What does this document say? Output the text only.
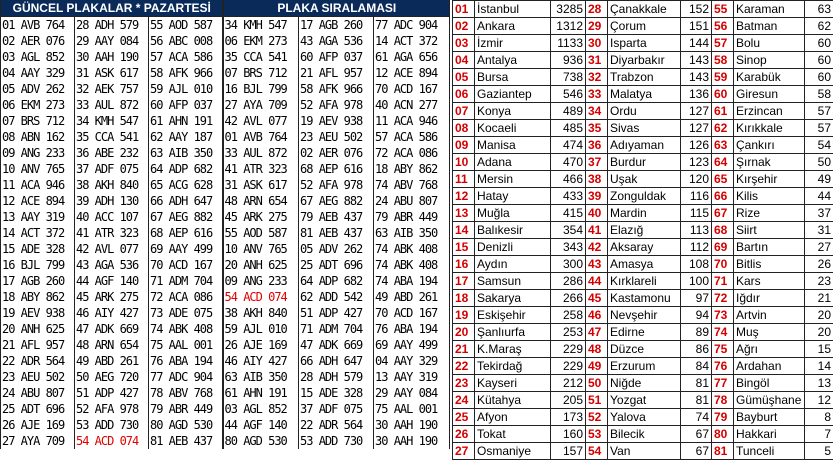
GÜNCEL PLAKALAR * PAZARTESİ			PLAKA SIRALAMASI		
01 AVB 764	28 ADH 579	55 AOD 587	34 KMH 547	17 AGB 260	77 ADC 904
02 AER 076	29 AAY 084	56 ABC 008	06 EKM 273	43 AGA 536	14 ACT 372
03 AGL 852	30 AAH 190	57 ACA 586	35 CCA 541	60 AFP 037	61 AGA 656
04 AAY 329	31 ASK 617	58 AFK 966	07 BRS 712	21 AFL 957	12 ACE 894
05 ADV 262	32 AEK 757	59 AJL 010	16 BJL 799	58 AFK 966	70 ACD 167
06 EKM 273	33 AUL 872	60 AFP 037	27 AYA 709	52 AFA 978	40 ACN 277
07 BRS 712	34 KMH 547	61 AHN 191	42 AVL 077	19 AEV 938	11 ACA 946
08 ABN 162	35 CCA 541	62 AAY 187	01 AVB 764	23 AEU 502	57 ACA 586
09 ANG 233	36 ABE 232	63 AIB 350	33 AUL 872	02 AER 076	72 ACA 086
10 ANV 765	37 ADF 075	64 ADP 682	41 ATR 323	68 AEP 616	18 ABY 862
11 ACA 946	38 AKH 840	65 ACG 628	31 ASK 617	52 AFA 978	74 ABV 768
12 ACE 894	39 ADH 130	66 ADH 647	48 ARN 654	67 AEG 882	24 ABU 807
13 AAY 319	40 ACC 107	67 AEG 882	45 ARK 275	79 AEB 437	79 ABR 449
14 ACT 372	41 ATR 323	68 AEP 616	55 AOD 587	81 AEB 437	63 AIB 350
15 ADE 328	42 AVL 077	69 AAY 499	10 ANV 765	05 ADV 262	74 ABK 408
16 BJL 799	43 AGA 536	70 ACD 167	20 ANH 625	25 ADT 696	74 ABK 408
17 AGB 260	44 AGF 140	71 ADM 704	09 ANG 233	64 ADP 682	74 ABA 194
18 ABY 862	45 ARK 275	72 ACA 086	54 ACD 074	62 ADD 542	49 ABD 261
19 AEV 938	46 AIY 427	73 ADE 075	38 AKH 840	51 ADP 427	70 ACD 167
20 ANH 625	47 ADK 669	74 ABK 408	59 AJL 010	71 ADM 704	76 ABA 194
21 AFL 957	48 ARN 654	75 AAL 001	26 AJE 169	47 ADK 669	69 AAY 499
22 ADR 564	49 ABD 261	76 ABA 194	46 AIY 427	66 ADH 647	04 AAY 329
23 AEU 502	50 AEG 720	77 ADC 904	63 AIB 350	28 ADH 579	13 AAY 319
24 ABU 807	51 ADP 427	78 ABV 768	61 AHN 191	15 ADE 328	29 AAY 084
25 ADT 696	52 AFA 978	79 ABR 449	03 AGL 852	37 ADF 075	75 AAL 001
26 AJE 169	53 ADD 730	80 AGD 530	44 AGF 140	22 ADR 564	30 AAH 190
27 AYA 709	54 ACD 074	81 AEB 437	80 AGD 530	53 ADD 730	30 AAH 190
01	İstanbul	3285	28	Çanakkale	152	55	Karaman	63
02	Ankara	1312	29	Çorum	151	56	Batman	62
03	İzmir	1133	30	Isparta	144	57	Bolu	60
04	Antalya	936	31	Diyarbakır	143	58	Sinop	60
05	Bursa	738	32	Trabzon	143	59	Karabük	60
06	Gaziantep	546	33	Malatya	136	60	Giresun	58
07	Konya	489	34	Ordu	127	61	Erzincan	57
08	Kocaeli	485	35	Sivas	127	62	Kırıkkale	57
09	Manisa	474	36	Adıyaman	126	63	Çankırı	54
10	Adana	470	37	Burdur	123	64	Şırnak	50
11	Mersin	466	38	Uşak	120	65	Kırşehir	49
12	Hatay	433	39	Zonguldak	116	66	Kilis	44
13	Muğla	415	40	Mardin	115	67	Rize	37
14	Balıkesir	354	41	Elazığ	113	68	Siirt	31
15	Denizli	343	42	Aksaray	112	69	Bartın	27
16	Aydın	300	43	Amasya	108	70	Bitlis	26
17	Samsun	286	44	Kırklareli	100	71	Kars	23
18	Sakarya	266	45	Kastamonu	97	72	Iğdır	21
19	Eskişehir	258	46	Nevşehir	94	73	Artvin	20
20	Şanlıurfa	253	47	Edirne	89	74	Muş	20
21	K.Maraş	229	48	Düzce	86	75	Ağrı	15
22	Tekirdağ	229	49	Erzurum	84	76	Ardahan	14
23	Kayseri	212	50	Niğde	81	77	Bingöl	13
24	Kütahya	205	51	Yozgat	81	78	Gümüşhane	12
25	Afyon	173	52	Yalova	74	79	Bayburt	8
26	Tokat	160	53	Bilecik	67	80	Hakkari	7
27	Osmaniye	157	54	Van	67	81	Tunceli	5
